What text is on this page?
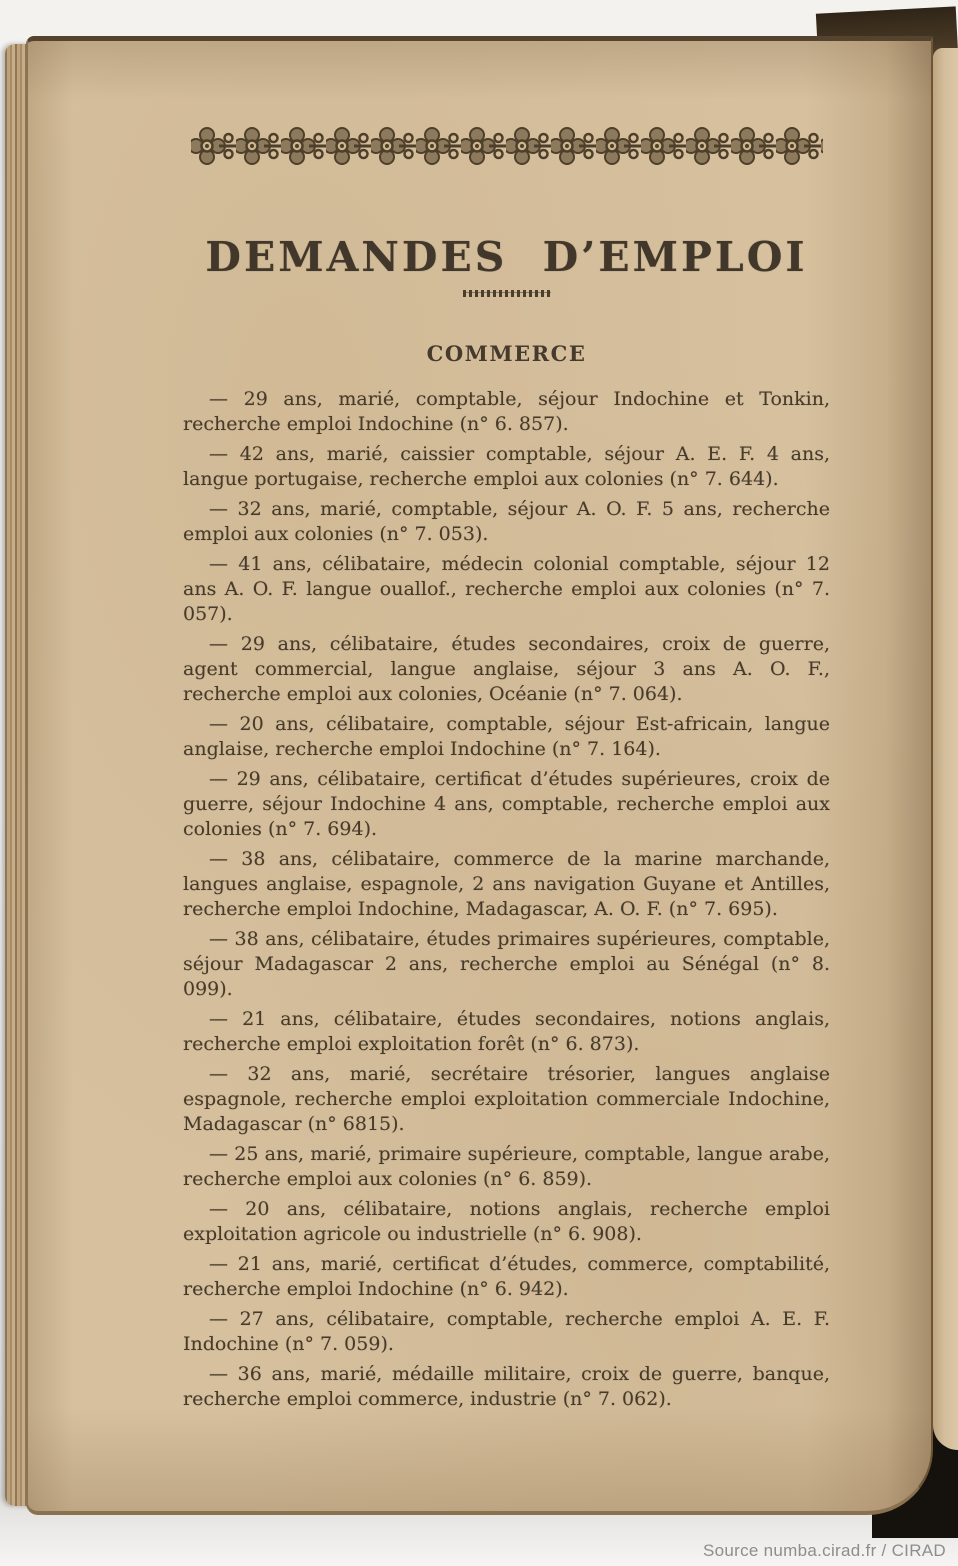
DEMANDES D’EMPLOI
COMMERCE

— 29 ans, marié, comptable, séjour Indochine et Tonkin, recherche emploi Indochine (n° 6. 857).

— 42 ans, marié, caissier comptable, séjour A. E. F. 4 ans, langue portugaise, recherche emploi aux colonies (n° 7. 644).

— 32 ans, marié, comptable, séjour A. O. F. 5 ans, recherche emploi aux colonies (n° 7. 053).

— 41 ans, célibataire, médecin colonial comptable, séjour 12 ans A. O. F. langue ouallof., recherche emploi aux colonies (n° 7. 057).

— 29 ans, célibataire, études secondaires, croix de guerre, agent commercial, langue anglaise, séjour 3 ans A. O. F., recherche emploi aux colonies, Océanie (n° 7. 064).

— 20 ans, célibataire, comptable, séjour Est-africain, langue anglaise, recherche emploi Indochine (n° 7. 164).

— 29 ans, célibataire, certificat d’études supérieures, croix de guerre, séjour Indochine 4 ans, comptable, recherche emploi aux colonies (n° 7. 694).

— 38 ans, célibataire, commerce de la marine marchande, langues anglaise, espagnole, 2 ans navigation Guyane et Antilles, recherche emploi Indochine, Madagascar, A. O. F. (n° 7. 695).

— 38 ans, célibataire, études primaires supérieures, comptable, séjour Madagascar 2 ans, recherche emploi au Sénégal (n° 8. 099).

— 21 ans, célibataire, études secondaires, notions anglais, recherche emploi exploitation forêt (n° 6. 873).

— 32 ans, marié, secrétaire trésorier, langues anglaise espagnole, recherche emploi exploitation commerciale Indochine, Madagascar (n° 6815).

— 25 ans, marié, primaire supérieure, comptable, langue arabe, recherche emploi aux colonies (n° 6. 859).

— 20 ans, célibataire, notions anglais, recherche emploi exploitation agricole ou industrielle (n° 6. 908).

— 21 ans, marié, certificat d’études, commerce, comptabilité, recherche emploi Indochine (n° 6. 942).

— 27 ans, célibataire, comptable, recherche emploi A. E. F. Indochine (n° 7. 059).

— 36 ans, marié, médaille militaire, croix de guerre, banque, recherche emploi commerce, industrie (n° 7. 062).

Source numba.cirad.fr / CIRAD
